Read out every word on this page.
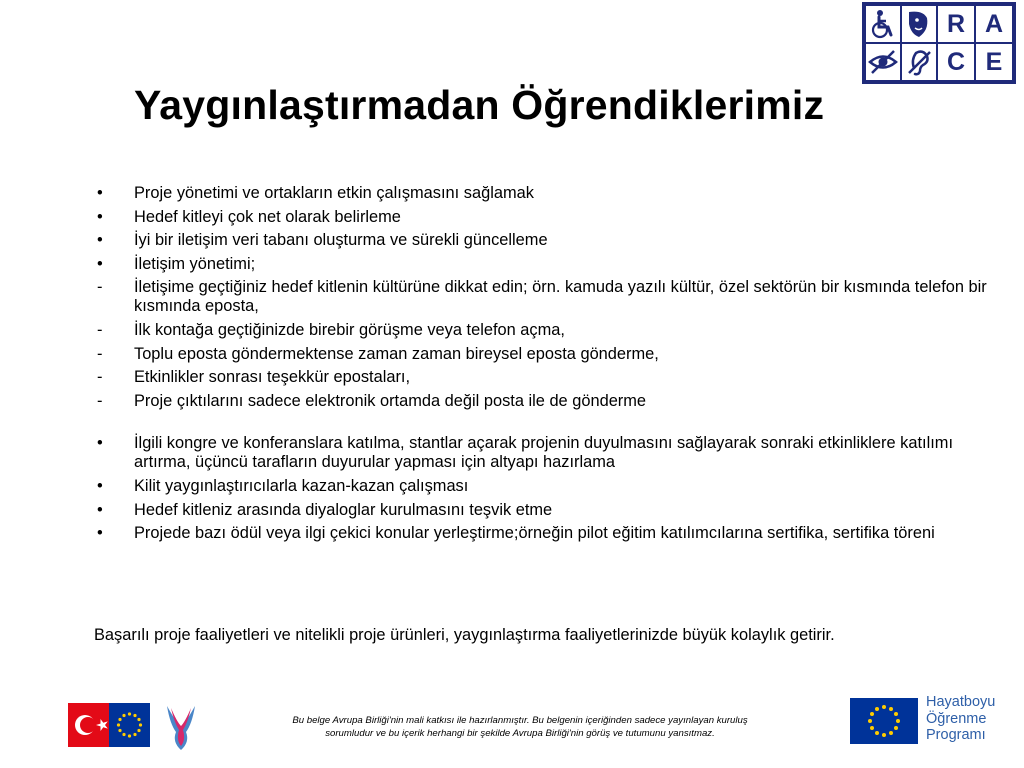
R A
C E
Yaygınlaştırmadan Öğrendiklerimiz
• Proje yönetimi ve ortakların etkin çalışmasını sağlamak
• Hedef kitleyi çok net olarak belirleme
• İyi bir iletişim veri tabanı oluşturma ve sürekli güncelleme
• İletişim yönetimi;
- İletişime geçtiğiniz hedef kitlenin kültürüne dikkat edin; örn. kamuda yazılı kültür, özel sektörün bir kısmında telefon bir kısmında eposta,
- İlk kontağa geçtiğinizde birebir görüşme veya telefon açma,
- Toplu eposta göndermektense zaman zaman bireysel eposta gönderme,
- Etkinlikler sonrası teşekkür epostaları,
- Proje çıktılarını sadece elektronik ortamda değil posta ile de gönderme
• İlgili kongre ve konferanslara katılma, stantlar açarak projenin duyulmasını sağlayarak sonraki etkinliklere katılımı artırma, üçüncü tarafların duyurular yapması için altyapı hazırlama
• Kilit yaygınlaştırıcılarla kazan-kazan çalışması
• Hedef kitleniz arasında diyaloglar kurulmasını teşvik etme
• Projede bazı ödül veya ilgi çekici konular yerleştirme;örneğin pilot eğitim katılımcılarına sertifika, sertifika töreni
Başarılı proje faaliyetleri ve nitelikli proje ürünleri, yaygınlaştırma faaliyetlerinizde büyük kolaylık getirir.
Bu belge Avrupa Birliği'nin mali katkısı ile hazırlanmıştır. Bu belgenin içeriğinden sadece yayınlayan kuruluş
sorumludur ve bu içerik herhangi bir şekilde Avrupa Birliği'nin görüş ve tutumunu yansıtmaz.
Hayatboyu
Öğrenme
Programı
